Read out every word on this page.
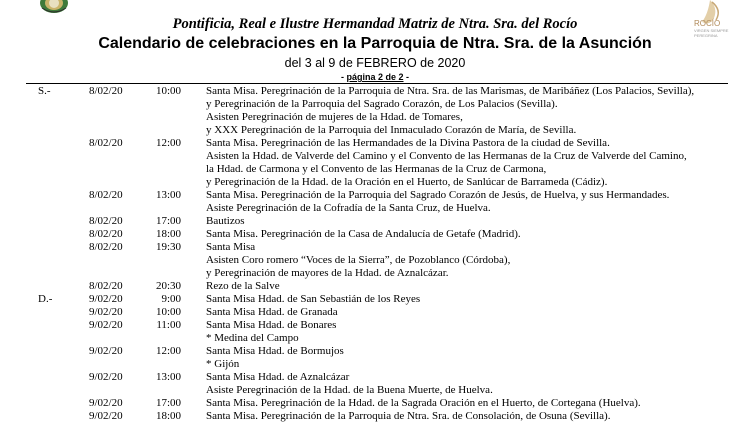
ROCÍO
VIRGEN SIEMPRE PEREGRINA
Pontificia, Real e Ilustre Hermandad Matriz de Ntra. Sra. del Rocío
Calendario de celebraciones en la Parroquia de Ntra. Sra. de la Asunción
del 3 al 9 de FEBRERO de 2020
- página 2 de 2 -
S.-	8/02/20	10:00 Santa Misa. Peregrinación de la Parroquia de Ntra. Sra. de las Marismas, de Maribáñez (Los Palacios, Sevilla),
y Peregrinación de la Parroquia del Sagrado Corazón, de Los Palacios (Sevilla).
Asisten Peregrinación de mujeres de la Hdad. de Tomares,
y XXX Peregrinación de la Parroquia del Inmaculado Corazón de María, de Sevilla.
8/02/20	12:00 Santa Misa. Peregrinación de las Hermandades de la Divina Pastora de la ciudad de Sevilla.
Asisten la Hdad. de Valverde del Camino y el Convento de las Hermanas de la Cruz de Valverde del Camino,
la Hdad. de Carmona y el Convento de las Hermanas de la Cruz de Carmona,
y Peregrinación de la Hdad. de la Oración en el Huerto, de Sanlúcar de Barrameda (Cádiz).
8/02/20	13:00 Santa Misa. Peregrinación de la Parroquia del Sagrado Corazón de Jesús, de Huelva, y sus Hermandades.
Asiste Peregrinación de la Cofradía de la Santa Cruz, de Huelva.
8/02/20	17:00 Bautizos
8/02/20	18:00 Santa Misa. Peregrinación de la Casa de Andalucía de Getafe (Madrid).
8/02/20	19:30 Santa Misa
Asisten Coro romero “Voces de la Sierra”, de Pozoblanco (Córdoba),
y Peregrinación de mayores de la Hdad. de Aznalcázar.
8/02/20	20:30 Rezo de la Salve
D.-	9/02/20	9:00 Santa Misa Hdad. de San Sebastián de los Reyes
9/02/20	10:00 Santa Misa Hdad. de Granada
9/02/20	11:00 Santa Misa Hdad. de Bonares
* Medina del Campo
9/02/20	12:00 Santa Misa Hdad. de Bormujos
* Gijón
9/02/20	13:00 Santa Misa Hdad. de Aznalcázar
Asiste Peregrinación de la Hdad. de la Buena Muerte, de Huelva.
9/02/20	17:00 Santa Misa. Peregrinación de la Hdad. de la Sagrada Oración en el Huerto, de Cortegana (Huelva).
9/02/20	18:00 Santa Misa. Peregrinación de la Parroquia de Ntra. Sra. de Consolación, de Osuna (Sevilla).
